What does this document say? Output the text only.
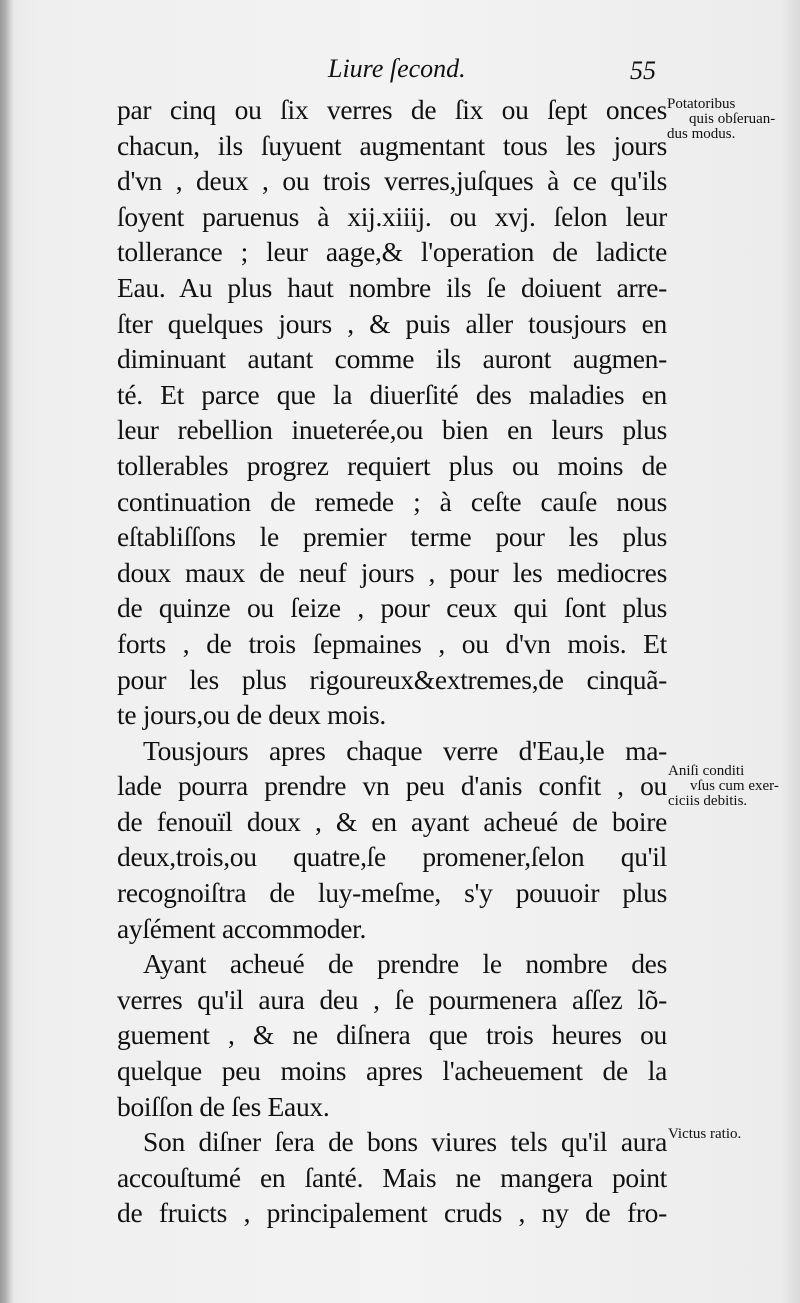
Liure ſecond.	55
par cinq ou ſix verres de ſix ou ſept onces
chacun, ils ſuyuent augmentant tous les jours
d'vn , deux , ou trois verres,juſques à ce qu'ils
ſoyent paruenus à xij.xiiij. ou xvj. ſelon leur
tollerance ; leur aage,& l'operation de ladicte
Eau. Au plus haut nombre ils ſe doiuent arre-
ſter quelques jours , & puis aller tousjours en
diminuant autant comme ils auront augmen-
té. Et parce que la diuerſité des maladies en
leur rebellion inueterée,ou bien en leurs plus
tollerables progrez requiert plus ou moins de
continuation de remede ; à ceſte cauſe nous
eſtabliſſons le premier terme pour les plus
doux maux de neuf jours , pour les mediocres
de quinze ou ſeize , pour ceux qui ſont plus
forts , de trois ſepmaines , ou d'vn mois. Et
pour les plus rigoureux&extremes,de cinquã-
te jours,ou de deux mois.
Tousjours apres chaque verre d'Eau,le ma-
lade pourra prendre vn peu d'anis confit , ou
de fenouïl doux , & en ayant acheué de boire
deux,trois,ou quatre,ſe promener,ſelon qu'il
recognoiſtra de luy-meſme, s'y pouuoir plus
ayſément accommoder.
Ayant acheué de prendre le nombre des
verres qu'il aura deu , ſe pourmenera aſſez lõ-
guement , & ne diſnera que trois heures ou
quelque peu moins apres l'acheuement de la
boiſſon de ſes Eaux.
Son diſner ſera de bons viures tels qu'il aura
accouſtumé en ſanté. Mais ne mangera point
de fruicts , principalement cruds , ny de fro-
Potatoribus
quis obſeruan-
dus modus.
Aniſi conditi
vſus cum exer-
ciciis debitis.
Victus ratio.
